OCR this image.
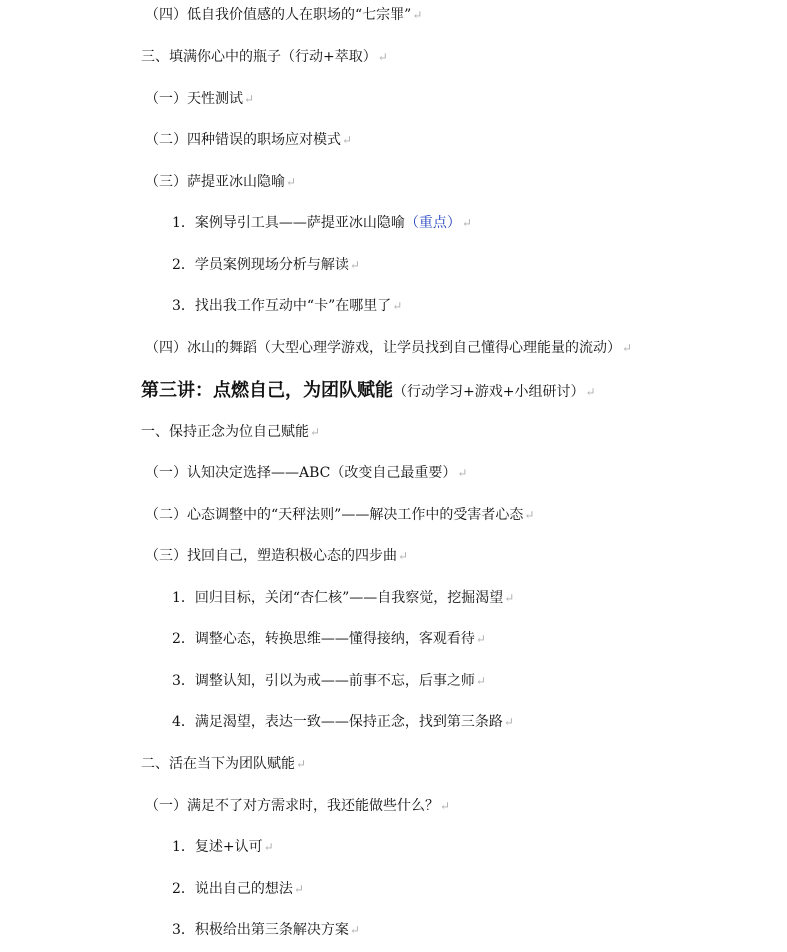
（四）低自我价值感的人在职场的“七宗罪”↵
三、填满你心中的瓶子（行动+萃取）↵
（一）天性测试↵
（二）四种错误的职场应对模式↵
（三）萨提亚冰山隐喻↵
1．案例导引工具——萨提亚冰山隐喻（重点）↵
2．学员案例现场分析与解读↵
3．找出我工作互动中“卡”在哪里了↵
（四）冰山的舞蹈（大型心理学游戏，让学员找到自己懂得心理能量的流动）↵
第三讲：点燃自己，为团队赋能（行动学习+游戏+小组研讨）↵
一、保持正念为位自己赋能↵
（一）认知决定选择——ABC（改变自己最重要）↵
（二）心态调整中的“天秤法则”——解决工作中的受害者心态↵
（三）找回自己，塑造积极心态的四步曲↵
1．回归目标，关闭“杏仁核”——自我察觉，挖掘渴望↵
2．调整心态，转换思维——懂得接纳，客观看待↵
3．调整认知，引以为戒——前事不忘，后事之师↵
4．满足渴望，表达一致——保持正念，找到第三条路↵
二、活在当下为团队赋能↵
（一）满足不了对方需求时，我还能做些什么？↵
1．复述+认可↵
2．说出自己的想法↵
3．积极给出第三条解决方案↵
